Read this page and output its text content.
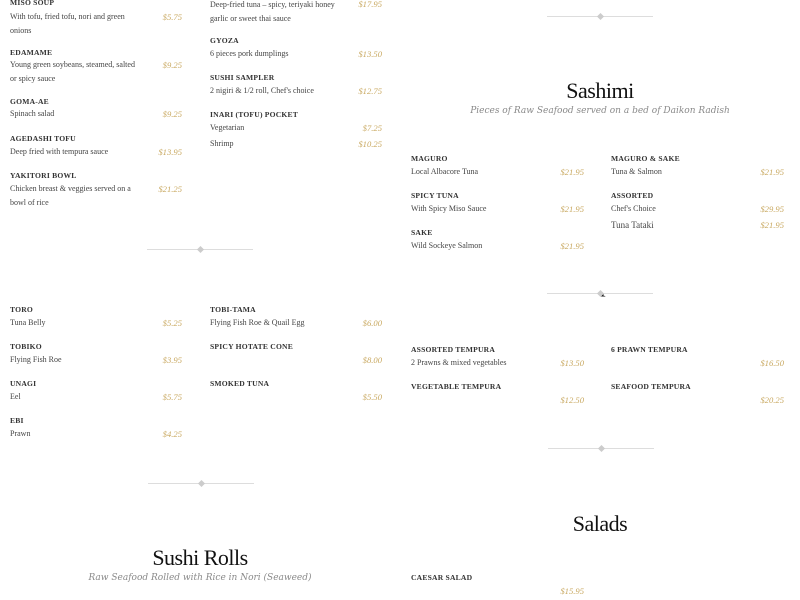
MISO SOUP
With tofu, fried tofu, nori and green onions
$5.75
EDAMAME
Young green soybeans, steamed, salted or spicy sauce
$9.25
GOMA-AE
Spinach salad	$9.25
AGEDASHI TOFU
Deep fried with tempura sauce	$13.95
YAKITORI BOWL
Chicken breast & veggies served on a bowl of rice
$21.25
Deep-fried tuna – spicy, teriyaki honey garlic or sweet thai sauce
$17.95
GYOZA
6 pieces pork dumplings	$13.50
SUSHI SAMPLER
2 nigiri & 1/2 roll, Chef's choice	$12.75
INARI (TOFU) POCKET
Vegetarian	$7.25
Shrimp	$10.25
Sashimi
Pieces of Raw Seafood served on a bed of Daikon Radish
MAGURO
Local Albacore Tuna	$21.95
SPICY TUNA
With Spicy Miso Sauce	$21.95
SAKE
Wild Sockeye Salmon	$21.95
MAGURO & SAKE
Tuna & Salmon	$21.95
ASSORTED
Chef's Choice	$29.95
Tuna Tataki	$21.95
TORO
Tuna Belly	$5.25
TOBIKO
Flying Fish Roe	$3.95
UNAGI
Eel	$5.75
EBI
Prawn	$4.25
TOBI-TAMA
Flying Fish Roe & Quail Egg	$6.00
SPICY HOTATE CONE
$8.00
SMOKED TUNA
$5.50
ASSORTED TEMPURA
2 Prawns & mixed vegetables	$13.50
VEGETABLE TEMPURA
$12.50
6 PRAWN TEMPURA
$16.50
SEAFOOD TEMPURA
$20.25
Sushi Rolls
Raw Seafood Rolled with Rice in Nori (Seaweed)
Salads
CAESAR SALAD
$15.95
